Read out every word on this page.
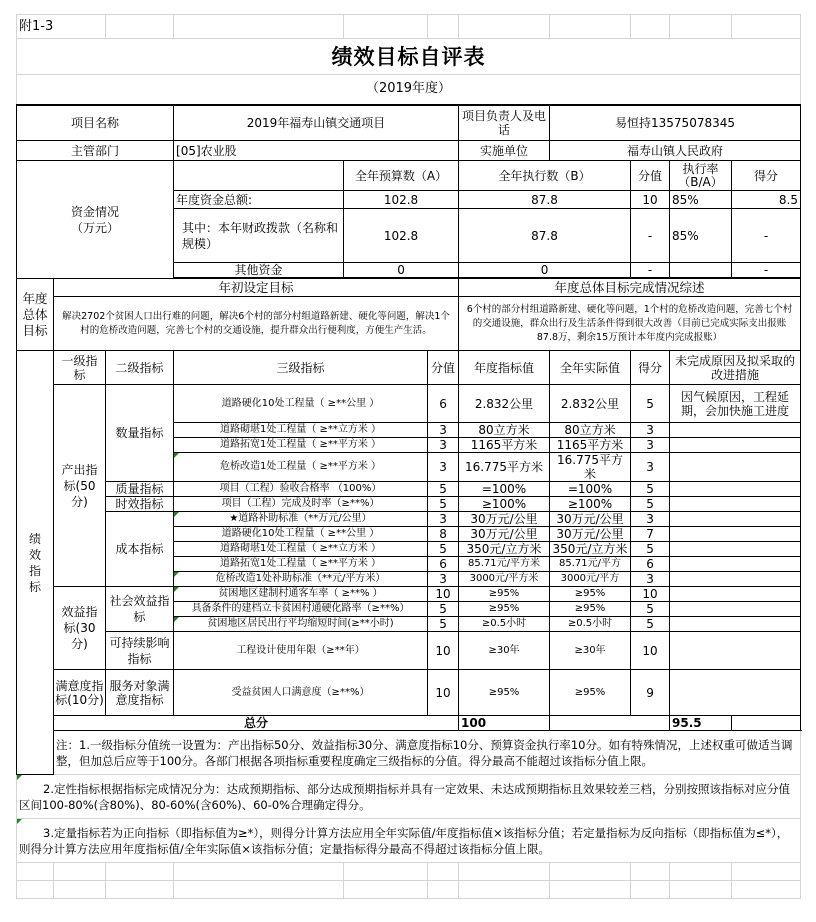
附1-3										
绩效目标自评表										
（2019年度）										
项目名称			2019年福寿山镇交通项目			项目负责人及电话	易恒持13575078345			
主管部门			[05]农业股			实施单位	福寿山镇人民政府			
资金情况
（万元）				全年预算数（A）		全年执行数（B）		分值	执行率（B/A）	得分
			年度资金总额:	102.8		87.8		10	85%	8.5
			其中：本年财政拨款（名称和规模）	102.8		87.8		-	85%	-
			其他资金	0		0		-		-

年度总体目标	年初设定目标					年度总体目标完成情况综述				
	解决2702个贫困人口出行难的问题，解决6个村的部分村组道路新建、硬化等问题，解决1个村的危桥改造问题，完善七个村的交通设施，提升群众出行便利度，方便生产生活。					6个村的部分村组道路新建、硬化等问题，1个村的危桥改造问题，完善七个村的交通设施，群众出行及生活条件得到很大改善（目前已完成实际支出报账87.8万，剩余15万预计本年度内完成报账）				
绩效指标	一级指标	二级指标	三级指标		分值	年度指标值	全年实际值	得分	未完成原因及拟采取的改进措施	
	产出指标(50分)	数量指标	道路硬化10处工程量（ ≥**公里 ）		6	2.832公里	2.832公里	5	因气候原因，工程延期，会加快施工进度	
			道路砌堪1处工程量（ ≥**立方米 ）		3	80立方米	80立方米	3		
			道路拓宽1处工程量（ ≥**平方米 ）		3	1165平方米	1165平方米	3		
			危桥改造1处工程量（ ≥**平方米 ）		3	16.775平方米	16.775平方米	3		
		质量指标	项目（工程）验收合格率 （100%）		5	=100%	=100%	5		
		时效指标	项目（工程）完成及时率（≥**%）		5	≥100%	≥100%	5		
		成本指标	★道路补助标准（**万元/公里）		3	30万元/公里	30万元/公里	3		
			道路硬化10处工程量（ ≥**公里 ）		8	30万元/公里	30万元/公里	7		
			道路砌堪1处工程量（ ≥**立方米 ）		5	350元/立方米	350元/立方米	5		
			道路拓宽1处工程量（ ≥**平方米 ）		6	85.71元/平方米	85.71元/平方	6		
			危桥改造1处补助标准（**元/平方米）		3	3000元/平方米	3000元/平方	3		
	效益指标(30分)	社会效益指标	贫困地区建制村通客车率（ ≥**% ）		10	≥95%	≥95%	10		
			具备条件的建档立卡贫困村通硬化路率（≥**%）		5	≥95%	≥95%	5		
			贫困地区居民出行平均缩短时间(≥**小时)		5	≥0.5小时	≥0.5小时	5		
		可持续影响指标	工程设计使用年限（≥**年）		10	≥30年	≥30年	10		
	满意度指标(10分)	服务对象满意度指标	受益贫困人口满意度（≥**%）		10	≥95%	≥95%	9		
	总分					100			95.5	
	注：1.一级指标分值统一设置为：产出指标50分、效益指标30分、满意度指标10分、预算资金执行率10分。如有特殊情况，上述权重可做适当调整，但加总后应等于100分。各部门根据各项指标重要程度确定三级指标的分值。得分最高不能超过该指标分值上限。									
2.定性指标根据指标完成情况分为：达成预期指标、部分达成预期指标并具有一定效果、未达成预期指标且效果较差三档，分别按照该指标对应分值区间100-80%(含80%)、80-60%(含60%)、60-0%合理确定得分。										
3.定量指标若为正向指标（即指标值为≥*），则得分计算方法应用全年实际值/年度指标值×该指标分值；若定量指标为反向指标（即指标值为≤*），则得分计算方法应用年度指标值/全年实际值×该指标分值；定量指标得分最高不得超过该指标分值上限。										
